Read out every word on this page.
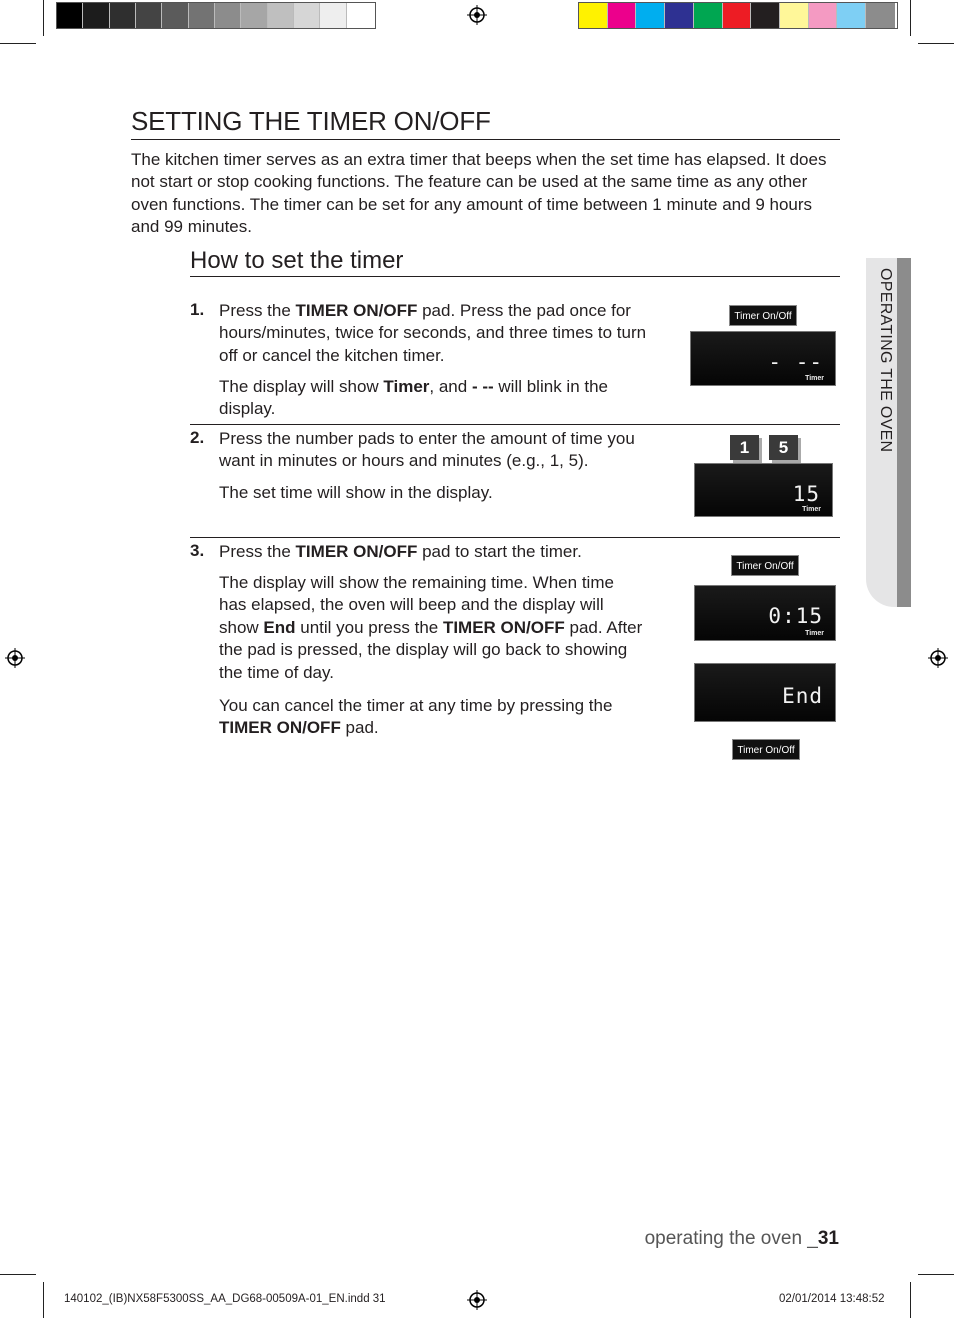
SETTING THE TIMER ON/OFF

The kitchen timer serves as an extra timer that beeps when the set time has elapsed. It does not start or stop cooking functions. The feature can be used at the same time as any other oven functions. The timer can be set for any amount of time between 1 minute and 9 hours and 99 minutes.

How to set the timer
1. Press the TIMER ON/OFF pad. Press the pad once for hours/minutes, twice for seconds, and three times to turn off or cancel the kitchen timer.

The display will show Timer, and - -- will blink in the display.

2. Press the number pads to enter the amount of time you want in minutes or hours and minutes (e.g., 1, 5).

The set time will show in the display.

3. Press the TIMER ON/OFF pad to start the timer.

The display will show the remaining time. When time has elapsed, the oven will beep and the display will show End until you press the TIMER ON/OFF pad. After the pad is pressed, the display will go back to showing the time of day.

You can cancel the timer at any time by pressing the TIMER ON/OFF pad.

Timer On/Off
- --
Timer
1	5
15
Timer
Timer On/Off
0:15
Timer
End
Timer On/Off
OPERATING THE OVEN
operating the oven _31
140102_(IB)NX58F5300SS_AA_DG68-00509A-01_EN.indd 31	02/01/2014 13:48:52
